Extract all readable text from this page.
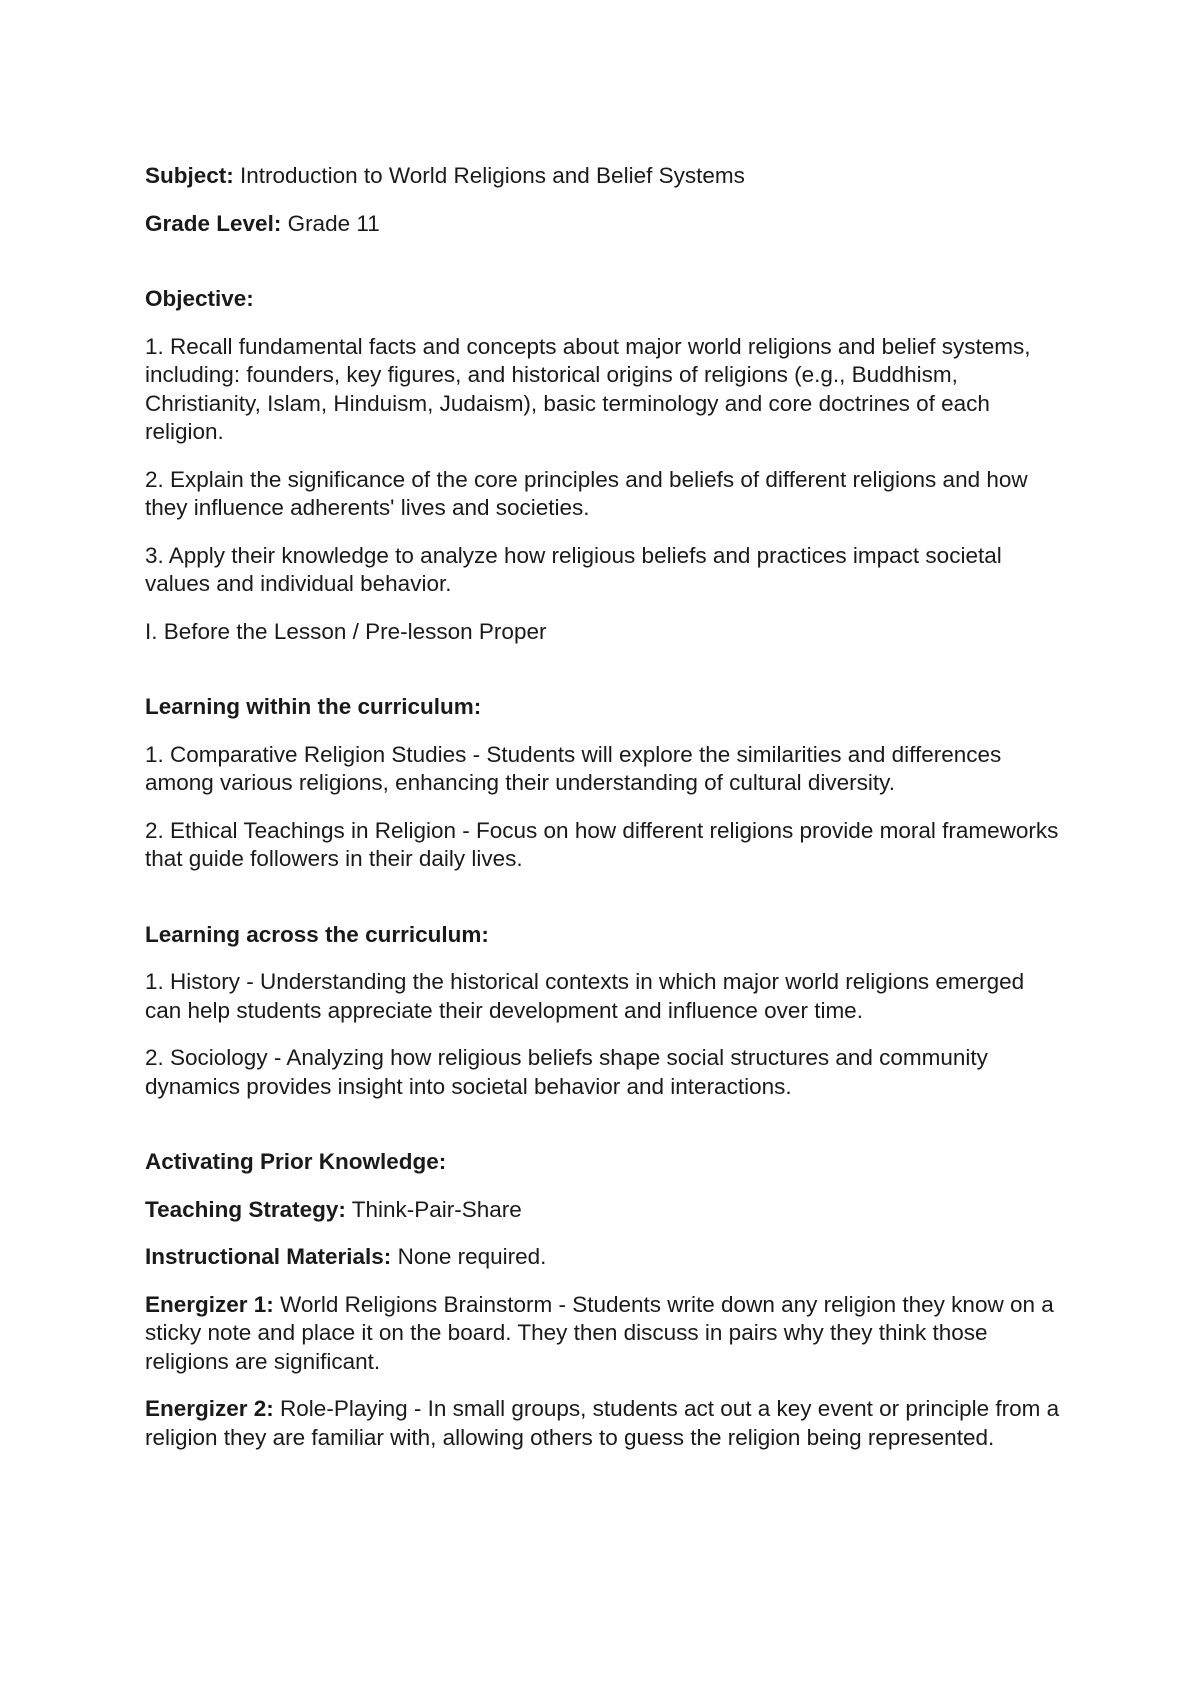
Subject: Introduction to World Religions and Belief Systems

Grade Level: Grade 11

Objective:

1. Recall fundamental facts and concepts about major world religions and belief systems, including: founders, key figures, and historical origins of religions (e.g., Buddhism, Christianity, Islam, Hinduism, Judaism), basic terminology and core doctrines of each religion.

2. Explain the significance of the core principles and beliefs of different religions and how they influence adherents' lives and societies.

3. Apply their knowledge to analyze how religious beliefs and practices impact societal values and individual behavior.

I. Before the Lesson / Pre-lesson Proper

Learning within the curriculum:

1. Comparative Religion Studies - Students will explore the similarities and differences among various religions, enhancing their understanding of cultural diversity.

2. Ethical Teachings in Religion - Focus on how different religions provide moral frameworks that guide followers in their daily lives.

Learning across the curriculum:

1. History - Understanding the historical contexts in which major world religions emerged can help students appreciate their development and influence over time.

2. Sociology - Analyzing how religious beliefs shape social structures and community dynamics provides insight into societal behavior and interactions.

Activating Prior Knowledge:

Teaching Strategy: Think-Pair-Share

Instructional Materials: None required.

Energizer 1: World Religions Brainstorm - Students write down any religion they know on a sticky note and place it on the board. They then discuss in pairs why they think those religions are significant.

Energizer 2: Role-Playing - In small groups, students act out a key event or principle from a religion they are familiar with, allowing others to guess the religion being represented.
